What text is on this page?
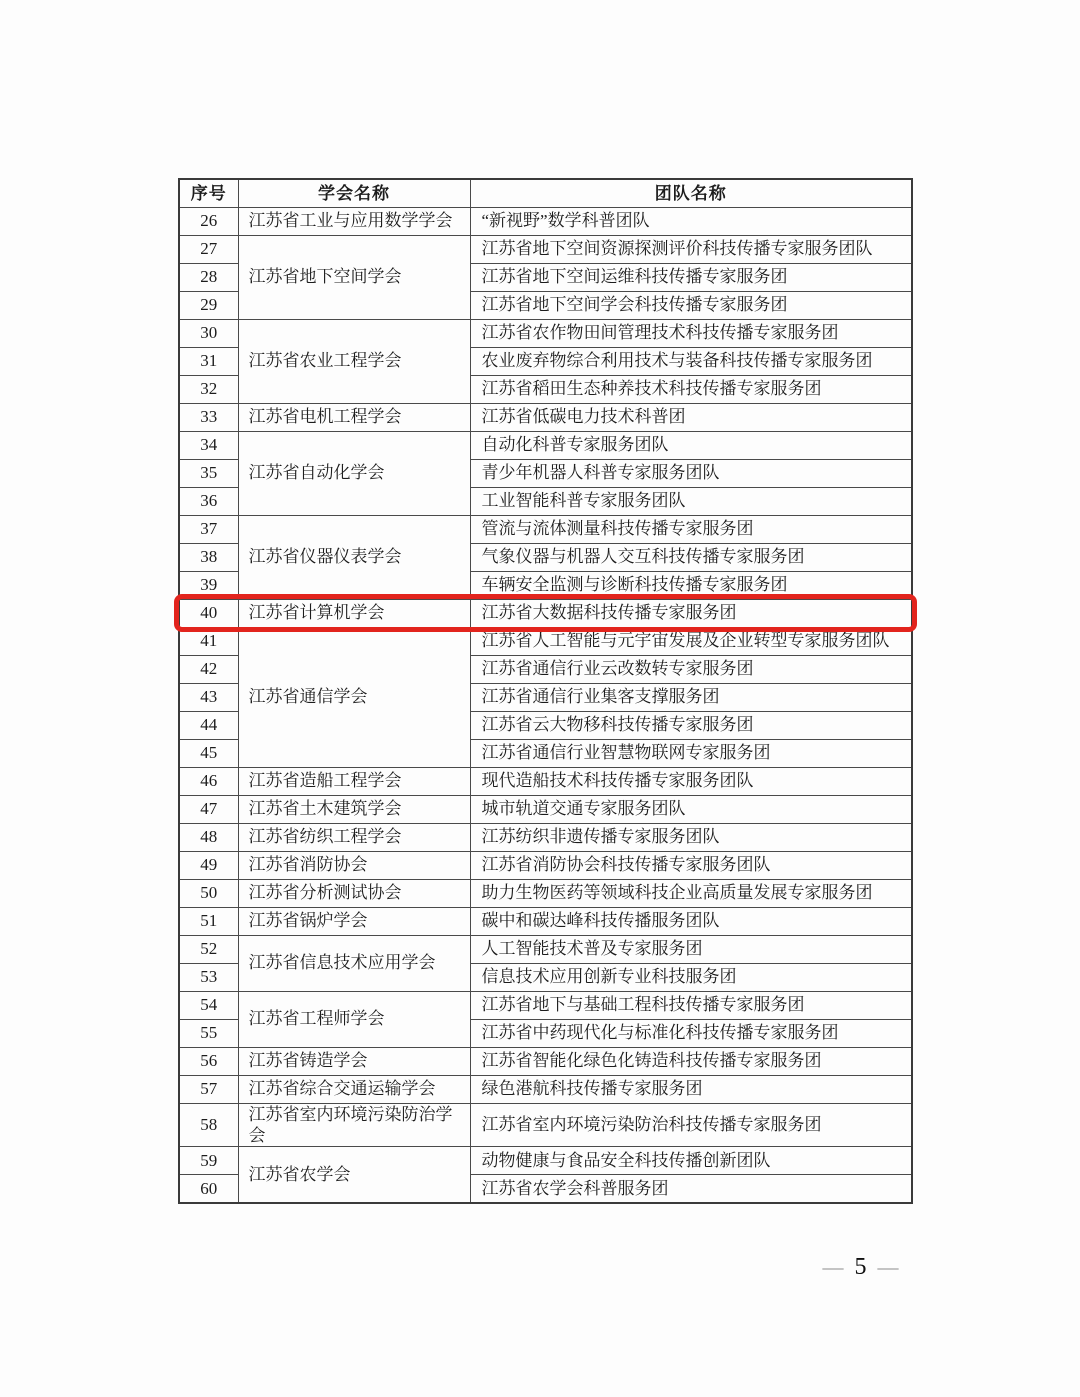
序号	学会名称	团队名称
26	江苏省工业与应用数学学会	“新视野”数学科普团队
27	江苏省地下空间学会	江苏省地下空间资源探测评价科技传播专家服务团队
28		江苏省地下空间运维科技传播专家服务团
29		江苏省地下空间学会科技传播专家服务团
30	江苏省农业工程学会	江苏省农作物田间管理技术科技传播专家服务团
31		农业废弃物综合利用技术与装备科技传播专家服务团
32		江苏省稻田生态种养技术科技传播专家服务团
33	江苏省电机工程学会	江苏省低碳电力技术科普团
34	江苏省自动化学会	自动化科普专家服务团队
35		青少年机器人科普专家服务团队
36		工业智能科普专家服务团队
37	江苏省仪器仪表学会	管流与流体测量科技传播专家服务团
38		气象仪器与机器人交互科技传播专家服务团
39		车辆安全监测与诊断科技传播专家服务团
40	江苏省计算机学会	江苏省大数据科技传播专家服务团
41	江苏省通信学会	江苏省人工智能与元宇宙发展及企业转型专家服务团队
42		江苏省通信行业云改数转专家服务团
43		江苏省通信行业集客支撑服务团
44		江苏省云大物移科技传播专家服务团
45		江苏省通信行业智慧物联网专家服务团
46	江苏省造船工程学会	现代造船技术科技传播专家服务团队
47	江苏省土木建筑学会	城市轨道交通专家服务团队
48	江苏省纺织工程学会	江苏纺织非遗传播专家服务团队
49	江苏省消防协会	江苏省消防协会科技传播专家服务团队
50	江苏省分析测试协会	助力生物医药等领域科技企业高质量发展专家服务团
51	江苏省锅炉学会	碳中和碳达峰科技传播服务团队
52	江苏省信息技术应用学会	人工智能技术普及专家服务团
53		信息技术应用创新专业科技服务团
54	江苏省工程师学会	江苏省地下与基础工程科技传播专家服务团
55		江苏省中药现代化与标准化科技传播专家服务团
56	江苏省铸造学会	江苏省智能化绿色化铸造科技传播专家服务团
57	江苏省综合交通运输学会	绿色港航科技传播专家服务团
58	江苏省室内环境污染防治学会	江苏省室内环境污染防治科技传播专家服务团
59	江苏省农学会	动物健康与食品安全科技传播创新团队
60		江苏省农学会科普服务团
— 5 —
